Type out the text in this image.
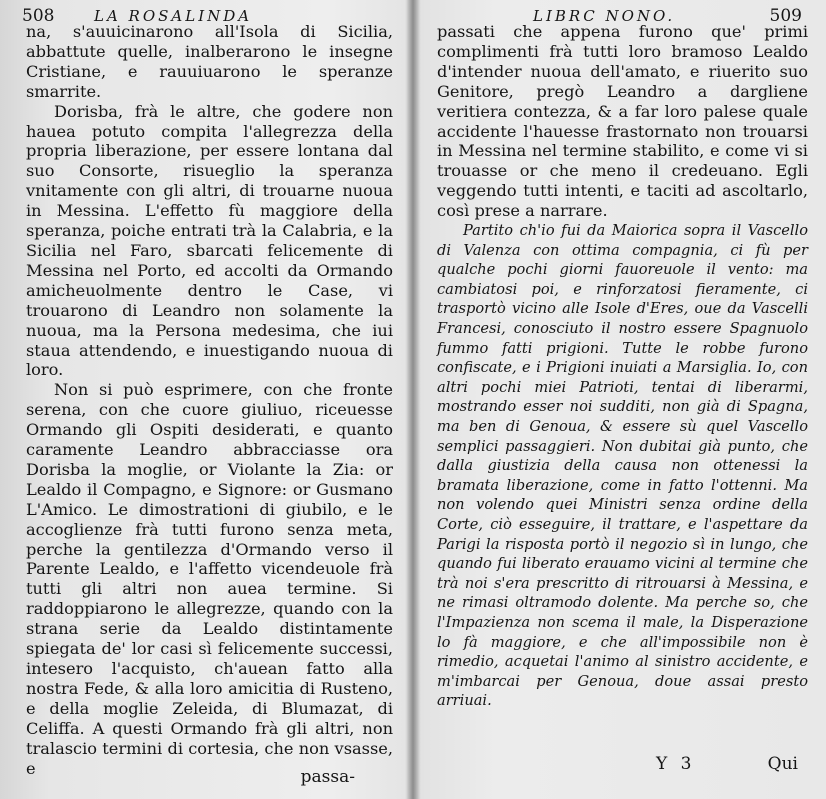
508	LA ROSALINDA

na, s'auuicinarono all'Isola di Sicilia, abbattute quelle, inalberarono le insegne Cristiane, e rauuiuarono le speranze smarrite.

Dorisba, frà le altre, che godere non hauea potuto compita l'allegrezza della propria liberazione, per essere lontana dal suo Consorte, risueglio la speranza vnitamente con gli altri, di trouarne nuoua in Messina. L'effetto fù maggiore della speranza, poiche entrati trà la Calabria, e la Sicilia nel Faro, sbarcati felicemente di Messina nel Porto, ed accolti da Ormando amicheuolmente dentro le Case, vi trouarono di Leandro non solamente la nuoua, ma la Persona medesima, che iui staua attendendo, e inuestigando nuoua di loro.

Non si può esprimere, con che fronte serena, con che cuore giuliuo, riceuesse Ormando gli Ospiti desiderati, e quanto caramente Leandro abbracciasse ora Dorisba la moglie, or Violante la Zia: or Lealdo il Compagno, e Signore: or Gusmano L'Amico. Le dimostrationi di giubilo, e le accoglienze frà tutti furono senza meta, perche la gentilezza d'Ormando verso il Parente Lealdo, e l'affetto vicendeuole frà tutti gli altri non auea termine. Si raddoppiarono le allegrezze, quando con la strana serie da Lealdo distintamente spiegata de' lor casi sì felicemente successi, intesero l'acquisto, ch'auean fatto alla nostra Fede, & alla loro amicitia di Rusteno, e della moglie Zeleida, di Blumazat, di Celiffa. A questi Ormando frà gli altri, non tralascio termini di cortesia, che non vsasse, e	passa-
LIBRC NONO.	509

passati che appena furono que' primi complimenti frà tutti loro bramoso Lealdo d'intender nuoua dell'amato, e riuerito suo Genitore, pregò Leandro a dargliene veritiera contezza, & a far loro palese quale accidente l'hauesse frastornato non trouarsi in Messina nel termine stabilito, e come vi si trouasse or che meno il credeuano. Egli veggendo tutti intenti, e taciti ad ascoltarlo, così prese a narrare.

Partito ch'io fui da Maiorica sopra il Vascello di Valenza con ottima compagnia, ci fù per qualche pochi giorni fauoreuole il vento: ma cambiatosi poi, e rinforzatosi fieramente, ci trasportò vicino alle Isole d'Eres, oue da Vascelli Francesi, conosciuto il nostro essere Spagnuolo fummo fatti prigioni. Tutte le robbe furono confiscate, e i Prigioni inuiati a Marsiglia. Io, con altri pochi miei Patrioti, tentai di liberarmi, mostrando esser noi sudditi, non già di Spagna, ma ben di Genoua, & essere sù quel Vascello semplici passaggieri. Non dubitai già punto, che dalla giustizia della causa non ottenessi la bramata liberazione, come in fatto l'ottenni. Ma non volendo quei Ministri senza ordine della Corte, ciò esseguire, il trattare, e l'aspettare da Parigi la risposta portò il negozio sì in lungo, che quando fui liberato erauamo vicini al termine che trà noi s'era prescritto di ritrouarsi à Messina, e ne rimasi oltramodo dolente. Ma perche so, che l'Impazienza non scema il male, la Disperazione lo fà maggiore, e che all'impossibile non è rimedio, acquetai l'animo al sinistro accidente, e m'imbarcai per Genoua, doue assai presto arriuai.

Y 3	Qui
